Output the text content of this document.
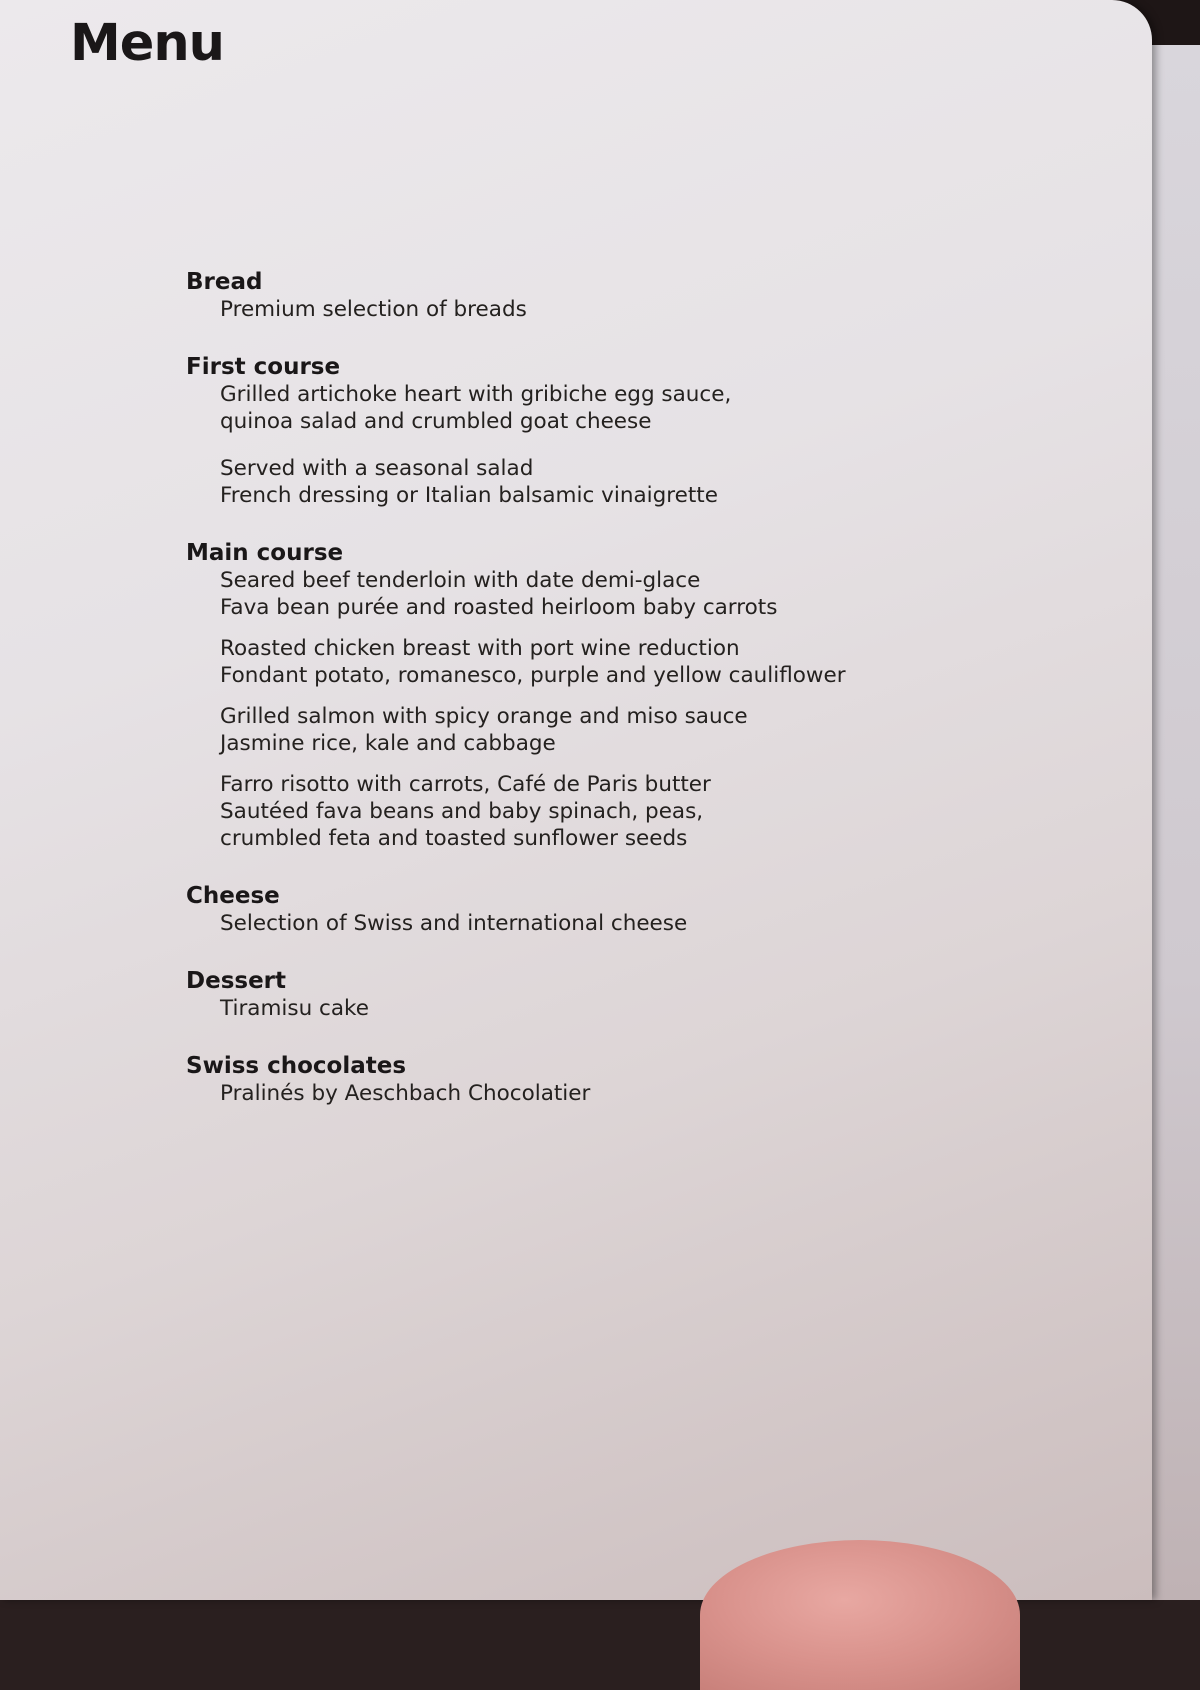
Menu
Bread
Premium selection of breads
First course
Grilled artichoke heart with gribiche egg sauce,
quinoa salad and crumbled goat cheese
Served with a seasonal salad
French dressing or Italian balsamic vinaigrette
Main course
Seared beef tenderloin with date demi-glace
Fava bean purée and roasted heirloom baby carrots
Roasted chicken breast with port wine reduction
Fondant potato, romanesco, purple and yellow cauliflower
Grilled salmon with spicy orange and miso sauce
Jasmine rice, kale and cabbage
Farro risotto with carrots, Café de Paris butter
Sautéed fava beans and baby spinach, peas,
crumbled feta and toasted sunflower seeds
Cheese
Selection of Swiss and international cheese
Dessert
Tiramisu cake
Swiss chocolates
Pralinés by Aeschbach Chocolatier
